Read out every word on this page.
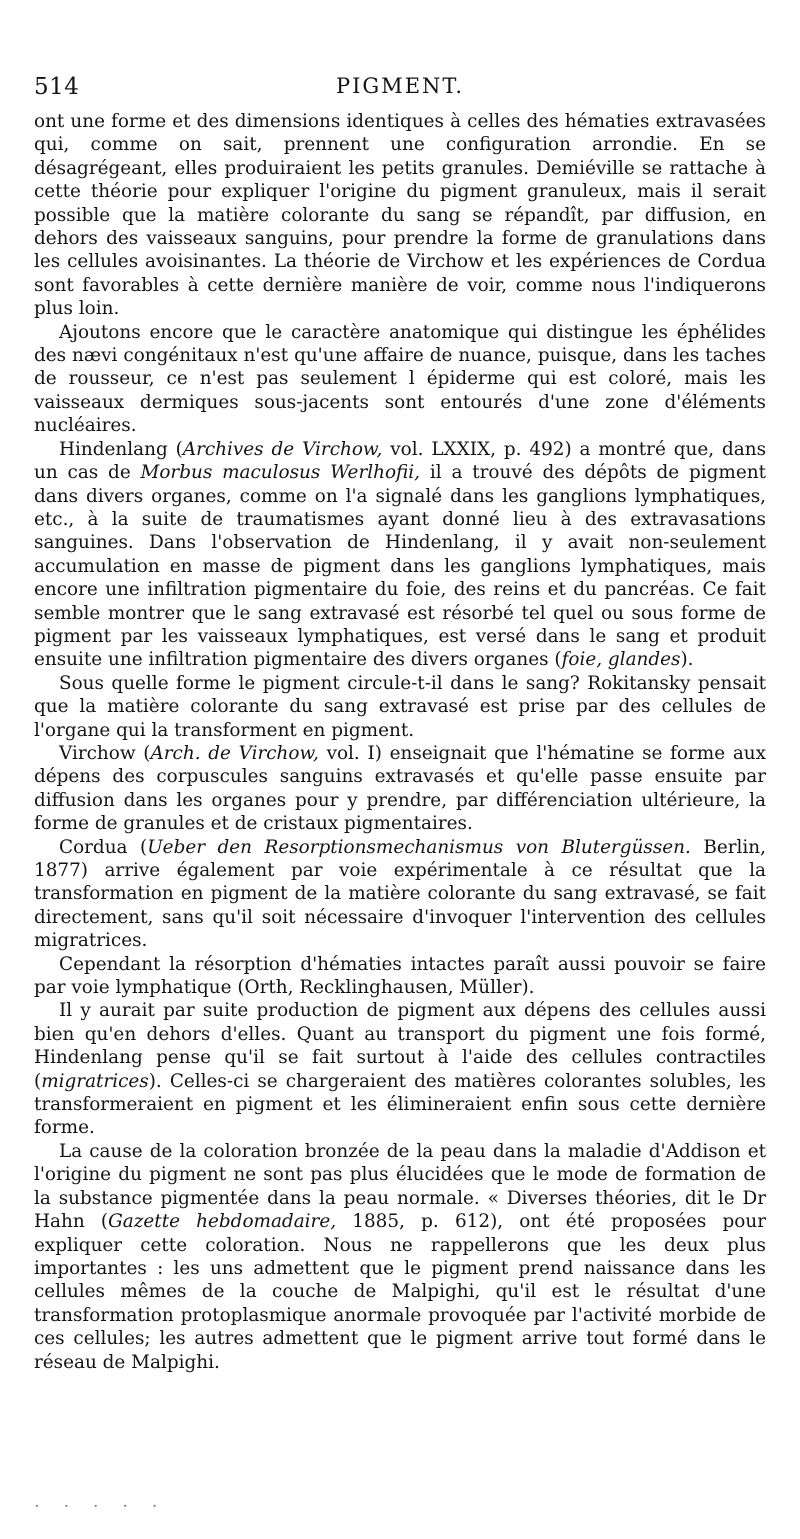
514	PIGMENT.

ont une forme et des dimensions identiques à celles des hématies extravasées qui, comme on sait, prennent une configuration arrondie. En se désagrégeant, elles produiraient les petits granules. Demiéville se rattache à cette théorie pour expliquer l'origine du pigment granuleux, mais il serait possible que la matière colorante du sang se répandît, par diffusion, en dehors des vaisseaux sanguins, pour prendre la forme de granulations dans les cellules avoisinantes. La théorie de Virchow et les expériences de Cordua sont favorables à cette dernière manière de voir, comme nous l'indiquerons plus loin.

Ajoutons encore que le caractère anatomique qui distingue les éphélides des nævi congénitaux n'est qu'une affaire de nuance, puisque, dans les taches de rousseur, ce n'est pas seulement l épiderme qui est coloré, mais les vaisseaux dermiques sous-jacents sont entourés d'une zone d'éléments nucléaires.

Hindenlang (Archives de Virchow, vol. LXXIX, p. 492) a montré que, dans un cas de Morbus maculosus Werlhofii, il a trouvé des dépôts de pigment dans divers organes, comme on l'a signalé dans les ganglions lymphatiques, etc., à la suite de traumatismes ayant donné lieu à des extravasations sanguines. Dans l'observation de Hindenlang, il y avait non-seulement accumulation en masse de pigment dans les ganglions lymphatiques, mais encore une infiltration pigmentaire du foie, des reins et du pancréas. Ce fait semble montrer que le sang extravasé est résorbé tel quel ou sous forme de pigment par les vaisseaux lymphatiques, est versé dans le sang et produit ensuite une infiltration pigmentaire des divers organes (foie, glandes).

Sous quelle forme le pigment circule-t-il dans le sang? Rokitansky pensait que la matière colorante du sang extravasé est prise par des cellules de l'organe qui la transforment en pigment.

Virchow (Arch. de Virchow, vol. I) enseignait que l'hématine se forme aux dépens des corpuscules sanguins extravasés et qu'elle passe ensuite par diffusion dans les organes pour y prendre, par différenciation ultérieure, la forme de granules et de cristaux pigmentaires.

Cordua (Ueber den Resorptionsmechanismus von Blutergüssen. Berlin, 1877) arrive également par voie expérimentale à ce résultat que la transformation en pigment de la matière colorante du sang extravasé, se fait directement, sans qu'il soit nécessaire d'invoquer l'intervention des cellules migratrices.

Cependant la résorption d'hématies intactes paraît aussi pouvoir se faire par voie lymphatique (Orth, Recklinghausen, Müller).

Il y aurait par suite production de pigment aux dépens des cellules aussi bien qu'en dehors d'elles. Quant au transport du pigment une fois formé, Hindenlang pense qu'il se fait surtout à l'aide des cellules contractiles (migratrices). Celles-ci se chargeraient des matières colorantes solubles, les transformeraient en pigment et les élimineraient enfin sous cette dernière forme.

La cause de la coloration bronzée de la peau dans la maladie d'Addison et l'origine du pigment ne sont pas plus élucidées que le mode de formation de la substance pigmentée dans la peau normale. « Diverses théories, dit le Dr Hahn (Gazette hebdomadaire, 1885, p. 612), ont été proposées pour expliquer cette coloration. Nous ne rappellerons que les deux plus importantes : les uns admettent que le pigment prend naissance dans les cellules mêmes de la couche de Malpighi, qu'il est le résultat d'une transformation protoplasmique anormale provoquée par l'activité morbide de ces cellules; les autres admettent que le pigment arrive tout formé dans le réseau de Malpighi.

· · · · ·
